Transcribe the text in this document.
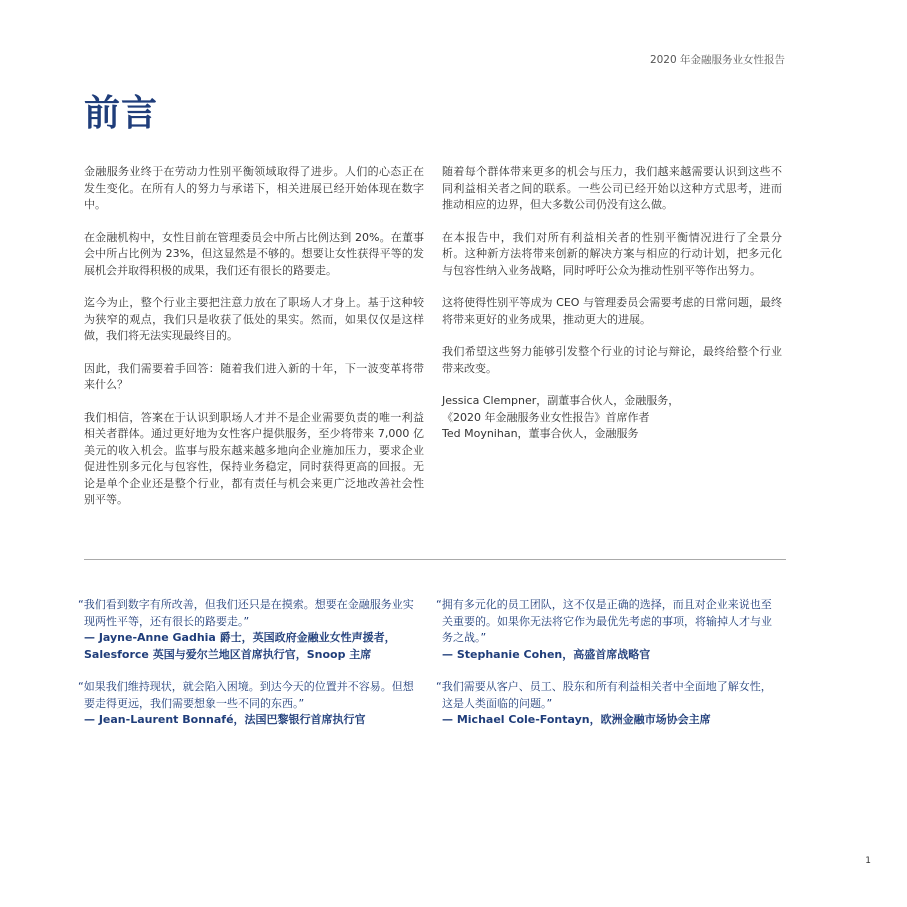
2020 年金融服务业女性报告
前言

金融服务业终于在劳动力性别平衡领域取得了进步。人们的心态正在发生变化。在所有人的努力与承诺下，相关进展已经开始体现在数字中。

在金融机构中，女性目前在管理委员会中所占比例达到 20%。在董事会中所占比例为 23%，但这显然是不够的。想要让女性获得平等的发展机会并取得积极的成果，我们还有很长的路要走。

迄今为止，整个行业主要把注意力放在了职场人才身上。基于这种较为狭窄的观点，我们只是收获了低处的果实。然而，如果仅仅是这样做，我们将无法实现最终目的。

因此，我们需要着手回答：随着我们进入新的十年，下一波变革将带来什么？

我们相信，答案在于认识到职场人才并不是企业需要负责的唯一利益相关者群体。通过更好地为女性客户提供服务，至少将带来 7,000 亿美元的收入机会。监事与股东越来越多地向企业施加压力，要求企业促进性别多元化与包容性，保持业务稳定，同时获得更高的回报。无论是单个企业还是整个行业，都有责任与机会来更广泛地改善社会性别平等。

随着每个群体带来更多的机会与压力，我们越来越需要认识到这些不同利益相关者之间的联系。一些公司已经开始以这种方式思考，进而推动相应的边界，但大多数公司仍没有这么做。

在本报告中，我们对所有利益相关者的性别平衡情况进行了全景分析。这种新方法将带来创新的解决方案与相应的行动计划，把多元化与包容性纳入业务战略，同时呼吁公众为推动性别平等作出努力。

这将使得性别平等成为 CEO 与管理委员会需要考虑的日常问题，最终将带来更好的业务成果，推动更大的进展。

我们希望这些努力能够引发整个行业的讨论与辩论，最终给整个行业带来改变。

Jessica Clempner，副董事合伙人，金融服务，

《2020 年金融服务业女性报告》首席作者

Ted Moynihan，董事合伙人，金融服务

“我们看到数字有所改善，但我们还只是在摸索。想要在金融服务业实现两性平等，还有很长的路要走。”

— Jayne-Anne Gadhia 爵士，英国政府金融业女性声援者，

Salesforce 英国与爱尔兰地区首席执行官，Snoop 主席

“如果我们维持现状，就会陷入困境。到达今天的位置并不容易。但想要走得更远，我们需要想象一些不同的东西。”

— Jean-Laurent Bonnafé，法国巴黎银行首席执行官

“拥有多元化的员工团队，这不仅是正确的选择，而且对企业来说也至关重要的。如果你无法将它作为最优先考虑的事项，将输掉人才与业务之战。”

— Stephanie Cohen，高盛首席战略官

“我们需要从客户、员工、股东和所有利益相关者中全面地了解女性，这是人类面临的问题。”

— Michael Cole-Fontayn，欧洲金融市场协会主席

1
